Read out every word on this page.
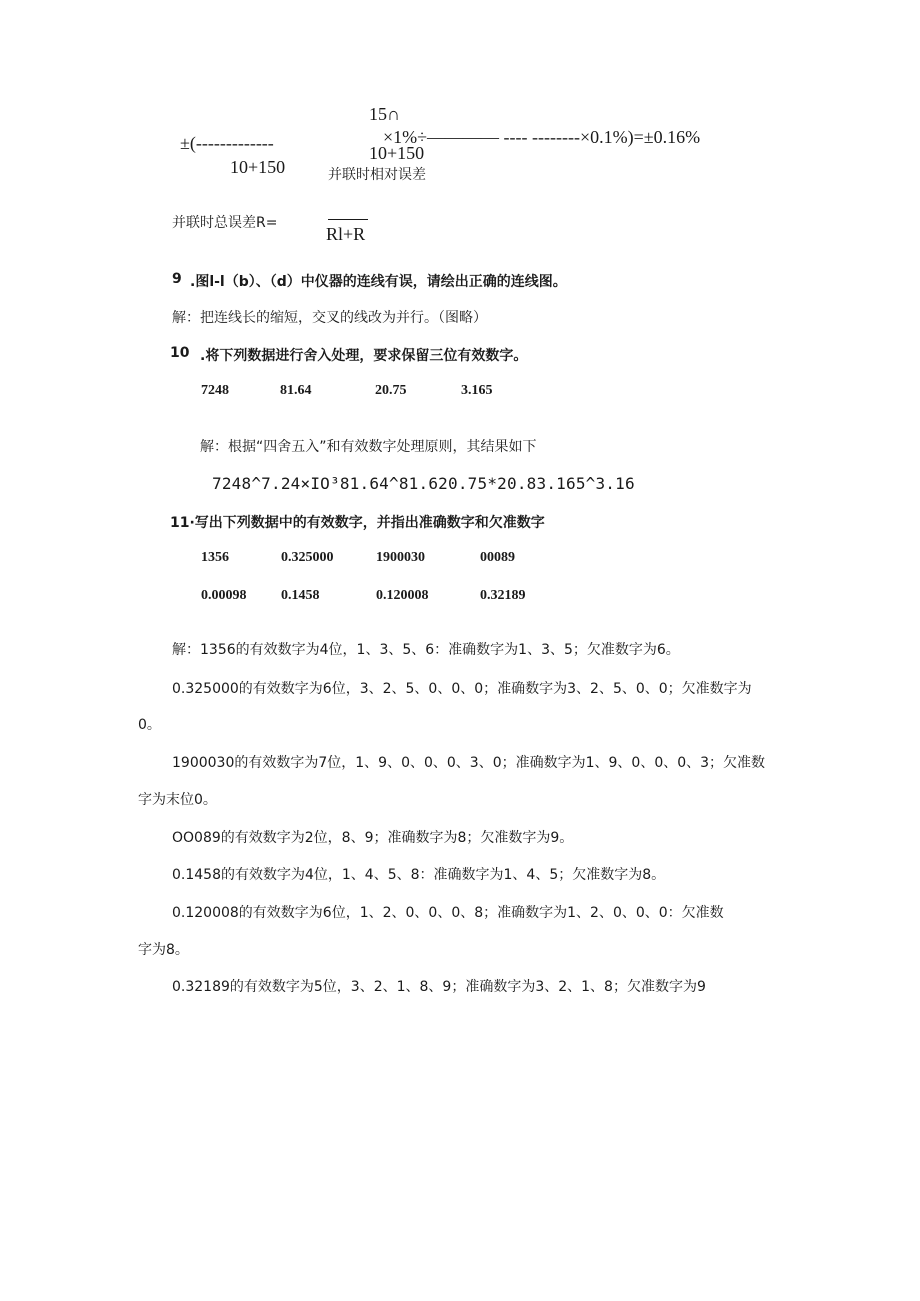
15∩
±(-------------	×1%÷―――― ---- --------×0.1%)=±0.16%
10+150
10+150
并联时相对误差
并联时总误差R=
Rl+R
9 .图l-l（b）、（d）中仪器的连线有误，请绘出正确的连线图。
解：把连线长的缩短，交叉的线改为并行。（图略）
10 .将下列数据进行舍入处理，要求保留三位有效数字。
7248	81.64	20.75	3.165
解：根据“四舍五入”和有效数字处理原则，其结果如下
7248^7.24×IO³81.64^81.620.75*20.83.165^3.16
11·写出下列数据中的有效数字，并指出准确数字和欠准数字
1356	0.325000	1900030	00089
0.00098 0.1458	0.120008	0.32189
解：1356的有效数字为4位，1、3、5、6：准确数字为1、3、5；欠准数字为6。
0.325000的有效数字为6位，3、2、5、0、0、0；准确数字为3、2、5、0、0；欠准数字为
0。
1900030的有效数字为7位，1、9、0、0、0、3、0；准确数字为1、9、0、0、0、3；欠准数
字为末位0。
OO089的有效数字为2位，8、9；准确数字为8；欠准数字为9。
0.1458的有效数字为4位，1、4、5、8：准确数字为1、4、5；欠准数字为8。
0.120008的有效数字为6位，1、2、0、0、0、8；准确数字为1、2、0、0、0：欠准数
字为8。
0.32189的有效数字为5位，3、2、1、8、9；准确数字为3、2、1、8；欠准数字为9
